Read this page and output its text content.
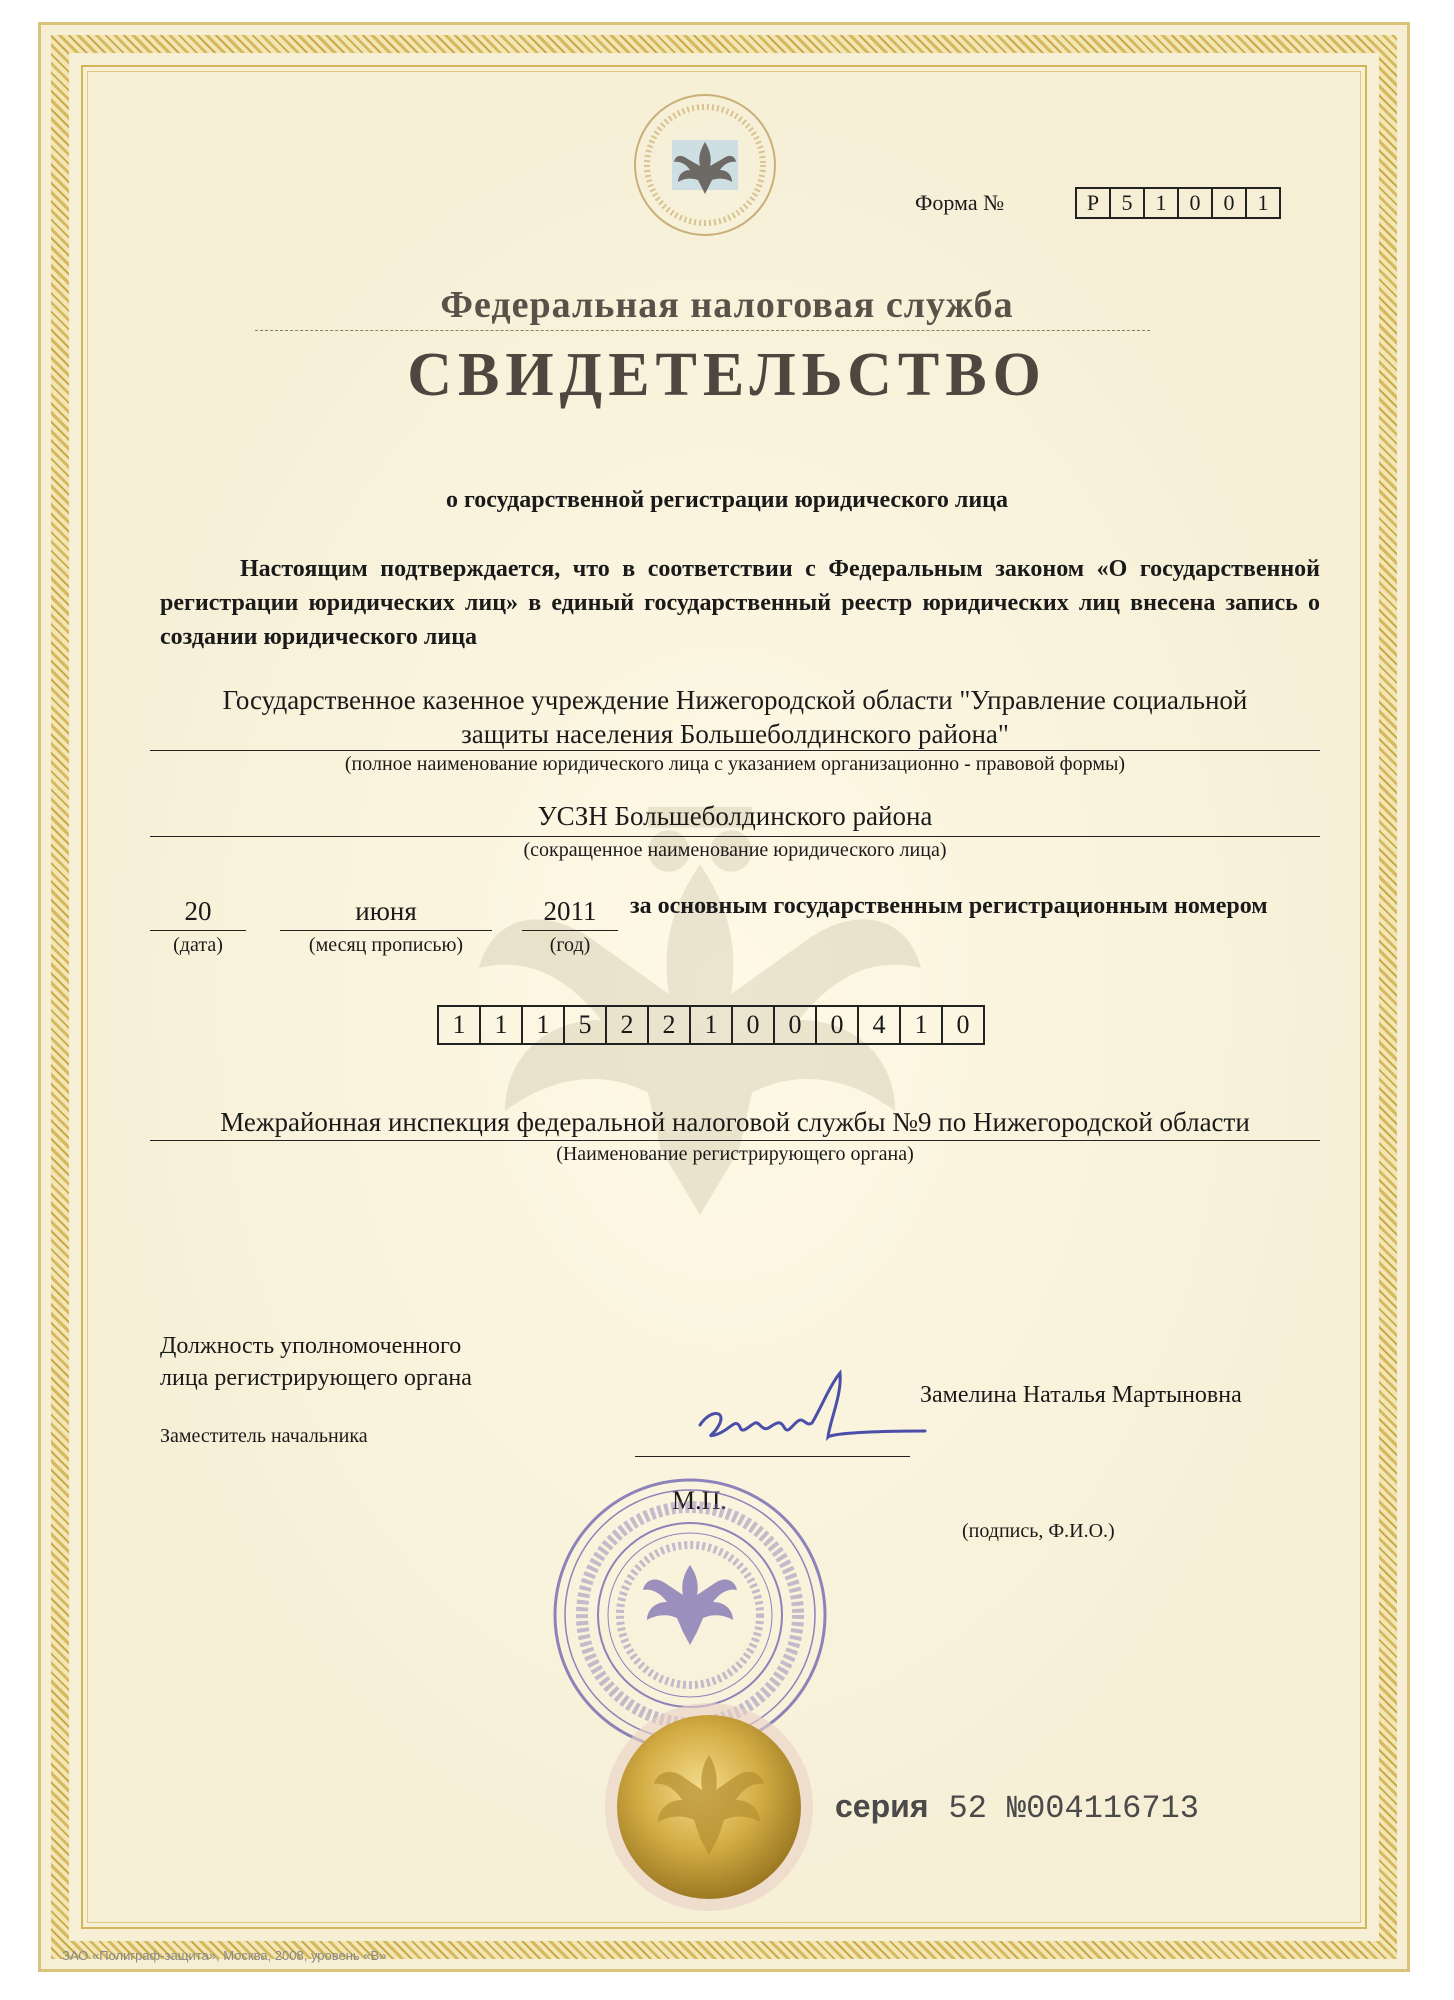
Форма №	Р	5	1	0	0	1
Федеральная налоговая служба
СВИДЕТЕЛЬСТВО
о государственной регистрации юридического лица
Настоящим подтверждается, что в соответствии с Федеральным законом «О государственной регистрации юридических лиц» в единый государственный реестр юридических лиц внесена запись о создании юридического лица
Государственное казенное учреждение Нижегородской области "Управление социальной
защиты населения Большеболдинского района"
(полное наименование юридического лица с указанием организационно - правовой формы)
УСЗН Большеболдинского района
(сокращенное наименование юридического лица)
20
(дата)
июня
(месяц прописью)
2011
(год)
за основным государственным регистрационным номером
1	1	1	5	2	2	1	0	0	0	4	1	0
Межрайонная инспекция федеральной налоговой службы №9 по Нижегородской области
(Наименование регистрирующего органа)
Должность уполномоченного
лица регистрирующего органа
Заместитель начальника
Замелина Наталья Мартыновна
М.П.
(подпись, Ф.И.О.)
серия 52 №004116713
ЗАО «Полиграф-защита», Москва, 2008, уровень «В»
